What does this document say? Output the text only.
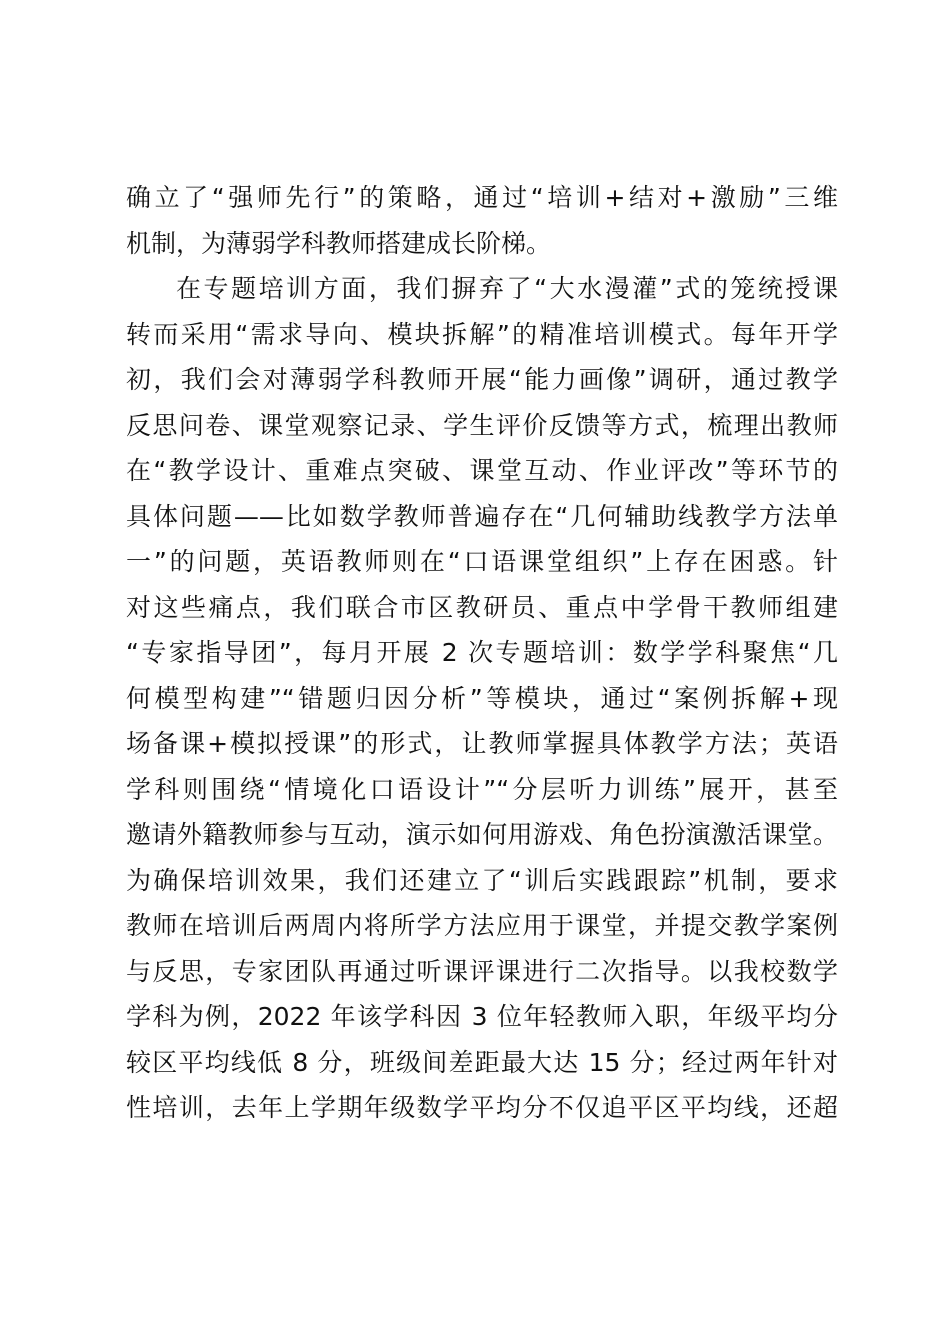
确立了“强师先行”的策略，通过“培训+结对+激励”三维
机制，为薄弱学科教师搭建成长阶梯。
在专题培训方面，我们摒弃了“大水漫灌”式的笼统授课
转而采用“需求导向、模块拆解”的精准培训模式。每年开学
初，我们会对薄弱学科教师开展“能力画像”调研，通过教学
反思问卷、课堂观察记录、学生评价反馈等方式，梳理出教师
在“教学设计、重难点突破、课堂互动、作业评改”等环节的
具体问题——比如数学教师普遍存在“几何辅助线教学方法单
一”的问题，英语教师则在“口语课堂组织”上存在困惑。针
对这些痛点，我们联合市区教研员、重点中学骨干教师组建
“专家指导团”，每月开展 2 次专题培训：数学学科聚焦“几
何模型构建”“错题归因分析”等模块，通过“案例拆解+现
场备课+模拟授课”的形式，让教师掌握具体教学方法；英语
学科则围绕“情境化口语设计”“分层听力训练”展开，甚至
邀请外籍教师参与互动，演示如何用游戏、角色扮演激活课堂。
为确保培训效果，我们还建立了“训后实践跟踪”机制，要求
教师在培训后两周内将所学方法应用于课堂，并提交教学案例
与反思，专家团队再通过听课评课进行二次指导。以我校数学
学科为例，2022 年该学科因 3 位年轻教师入职，年级平均分
较区平均线低 8 分，班级间差距最大达 15 分；经过两年针对
性培训，去年上学期年级数学平均分不仅追平区平均线，还超
